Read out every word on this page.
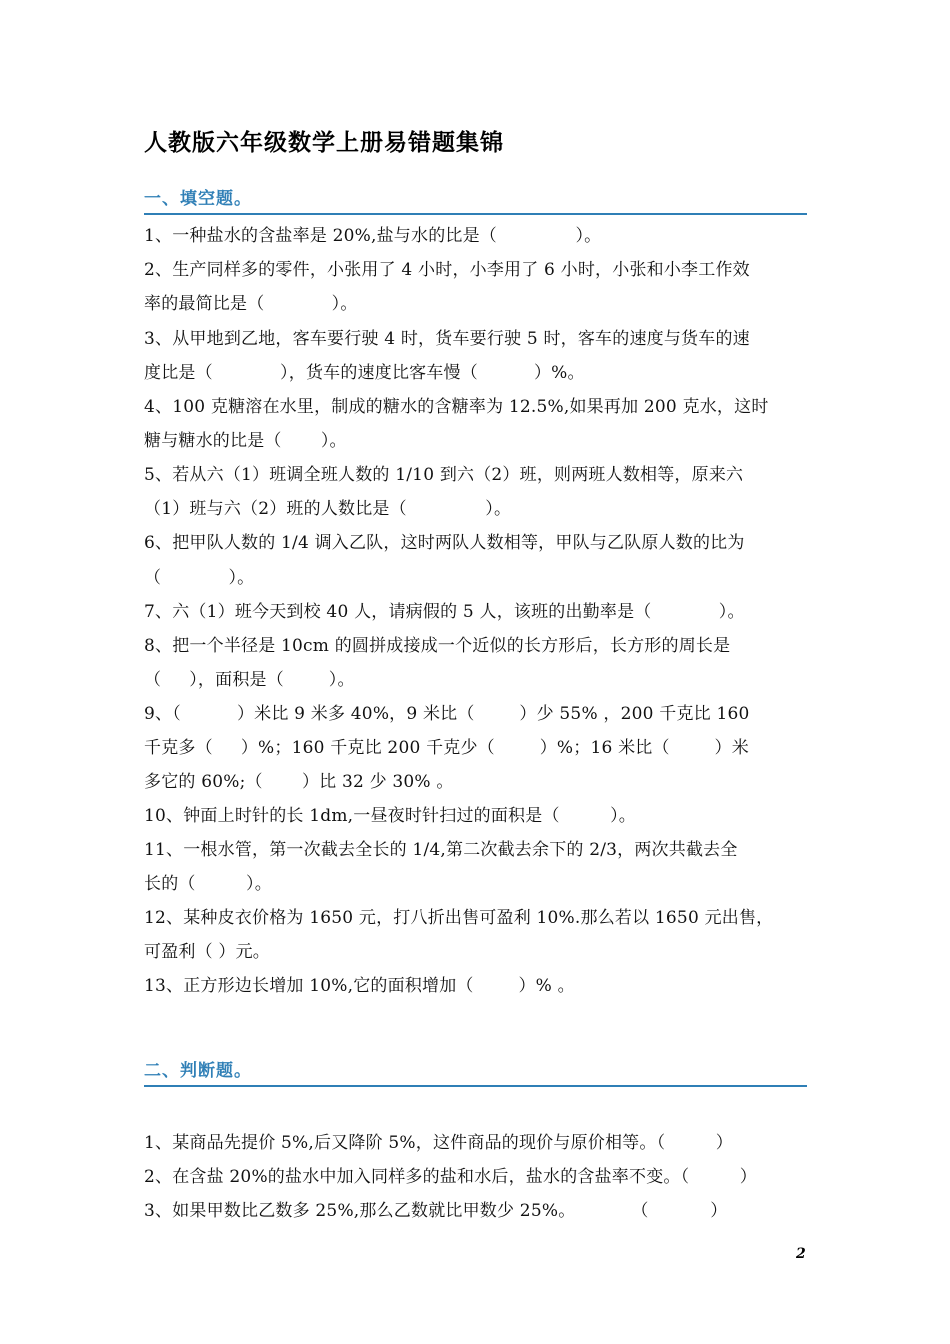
人教版六年级数学上册易错题集锦
一、填空题。
1、一种盐水的含盐率是 20%,盐与水的比是（              ）。
2、生产同样多的零件，小张用了 4 小时，小李用了 6 小时，小张和小李工作效
率的最简比是（            ）。
3、从甲地到乙地，客车要行驶 4 时，货车要行驶 5 时，客车的速度与货车的速
度比是（            ），货车的速度比客车慢（          ）%。
4、100 克糖溶在水里，制成的糖水的含糖率为 12.5%,如果再加 200 克水，这时
糖与糖水的比是（       ）。
5、若从六（1）班调全班人数的 1/10 到六（2）班，则两班人数相等，原来六
（1）班与六（2）班的人数比是（              ）。
6、把甲队人数的 1/4 调入乙队，这时两队人数相等，甲队与乙队原人数的比为
（            ）。
7、六（1）班今天到校 40 人，请病假的 5 人，该班的出勤率是（            ）。
8、把一个半径是 10cm 的圆拼成接成一个近似的长方形后，长方形的周长是
（     ），面积是（        ）。
9、（          ）米比 9 米多 40%，9 米比（        ）少 55% ，200 千克比 160
千克多（     ）%；160 千克比 200 千克少（        ）%；16 米比（        ）米
多它的 60%;（       ）比 32 少 30% 。
10、钟面上时针的长 1dm,一昼夜时针扫过的面积是（         ）。
11、一根水管，第一次截去全长的 1/4,第二次截去余下的 2/3，两次共截去全
长的（         ）。
12、某种皮衣价格为 1650 元，打八折出售可盈利 10%.那么若以 1650 元出售，
可盈利（ ）元。
13、正方形边长增加 10%,它的面积增加（        ）% 。
二、判断题。
1、某商品先提价 5%,后又降阶 5%，这件商品的现价与原价相等。（         ）
2、在含盐 20%的盐水中加入同样多的盐和水后，盐水的含盐率不变。（         ）
3、如果甲数比乙数多 25%,那么乙数就比甲数少 25%。          （           ）
2
